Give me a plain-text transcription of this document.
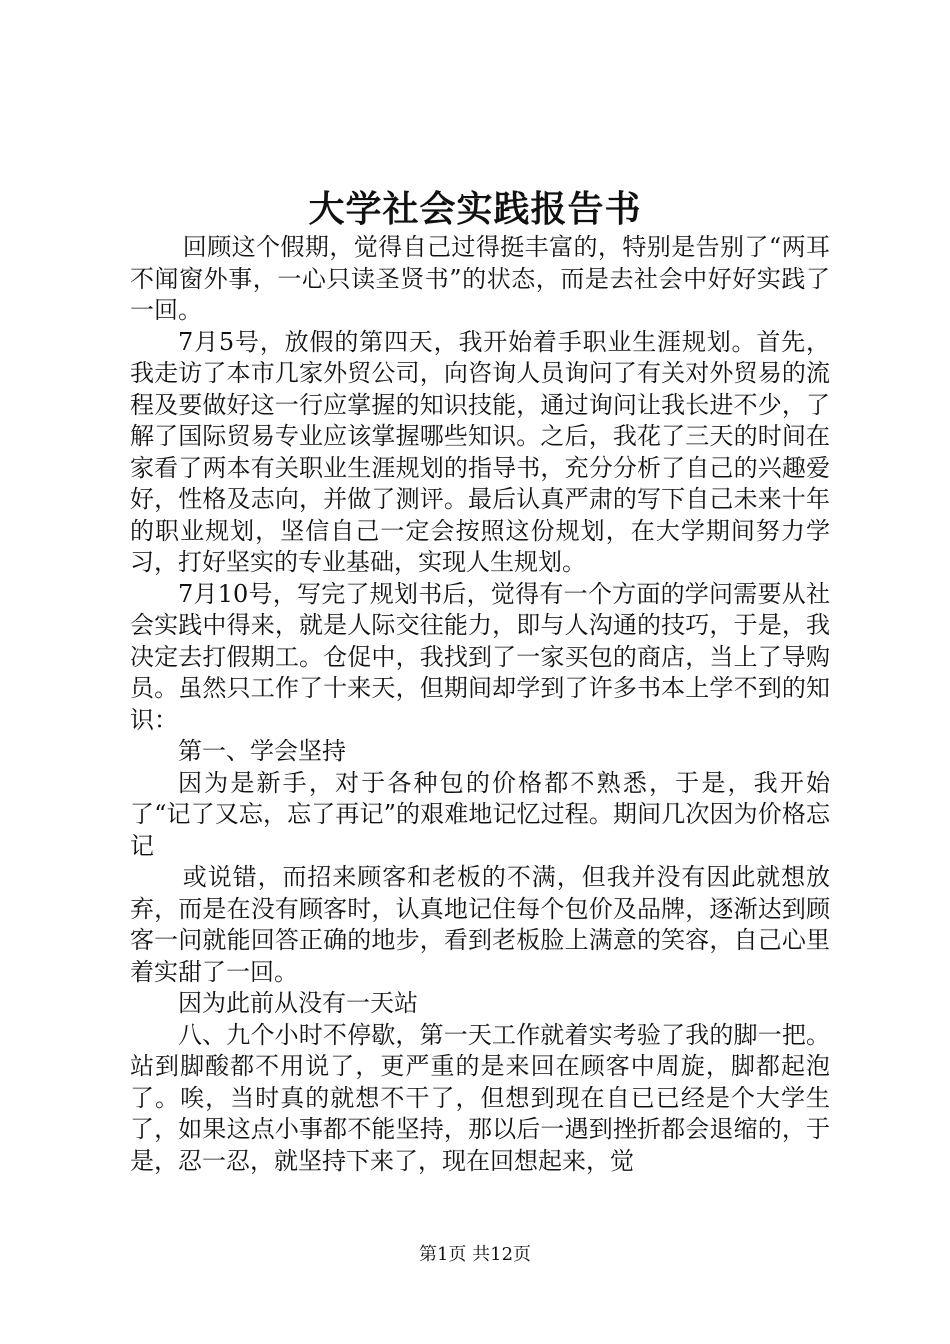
大学社会实践报告书

回顾这个假期，觉得自己过得挺丰富的，特别是告别了“两耳不闻窗外事，一心只读圣贤书”的状态，而是去社会中好好实践了一回。

7月5号，放假的第四天，我开始着手职业生涯规划。首先，我走访了本市几家外贸公司，向咨询人员询问了有关对外贸易的流程及要做好这一行应掌握的知识技能，通过询问让我长进不少，了解了国际贸易专业应该掌握哪些知识。之后，我花了三天的时间在家看了两本有关职业生涯规划的指导书，充分分析了自己的兴趣爱好，性格及志向，并做了测评。最后认真严肃的写下自己未来十年的职业规划，坚信自己一定会按照这份规划，在大学期间努力学习，打好坚实的专业基础，实现人生规划。

7月10号，写完了规划书后，觉得有一个方面的学问需要从社会实践中得来，就是人际交往能力，即与人沟通的技巧，于是，我决定去打假期工。仓促中，我找到了一家买包的商店，当上了导购员。虽然只工作了十来天，但期间却学到了许多书本上学不到的知识：

第一、学会坚持

因为是新手，对于各种包的价格都不熟悉，于是，我开始了“记了又忘，忘了再记”的艰难地记忆过程。期间几次因为价格忘记

或说错，而招来顾客和老板的不满，但我并没有因此就想放弃，而是在没有顾客时，认真地记住每个包价及品牌，逐渐达到顾客一问就能回答正确的地步，看到老板脸上满意的笑容，自己心里着实甜了一回。

因为此前从没有一天站

八、九个小时不停歇，第一天工作就着实考验了我的脚一把。站到脚酸都不用说了，更严重的是来回在顾客中周旋，脚都起泡了。唉，当时真的就想不干了，但想到现在自已已经是个大学生了，如果这点小事都不能坚持，那以后一遇到挫折都会退缩的，于是，忍一忍，就坚持下来了，现在回想起来，觉

第1页 共12页
